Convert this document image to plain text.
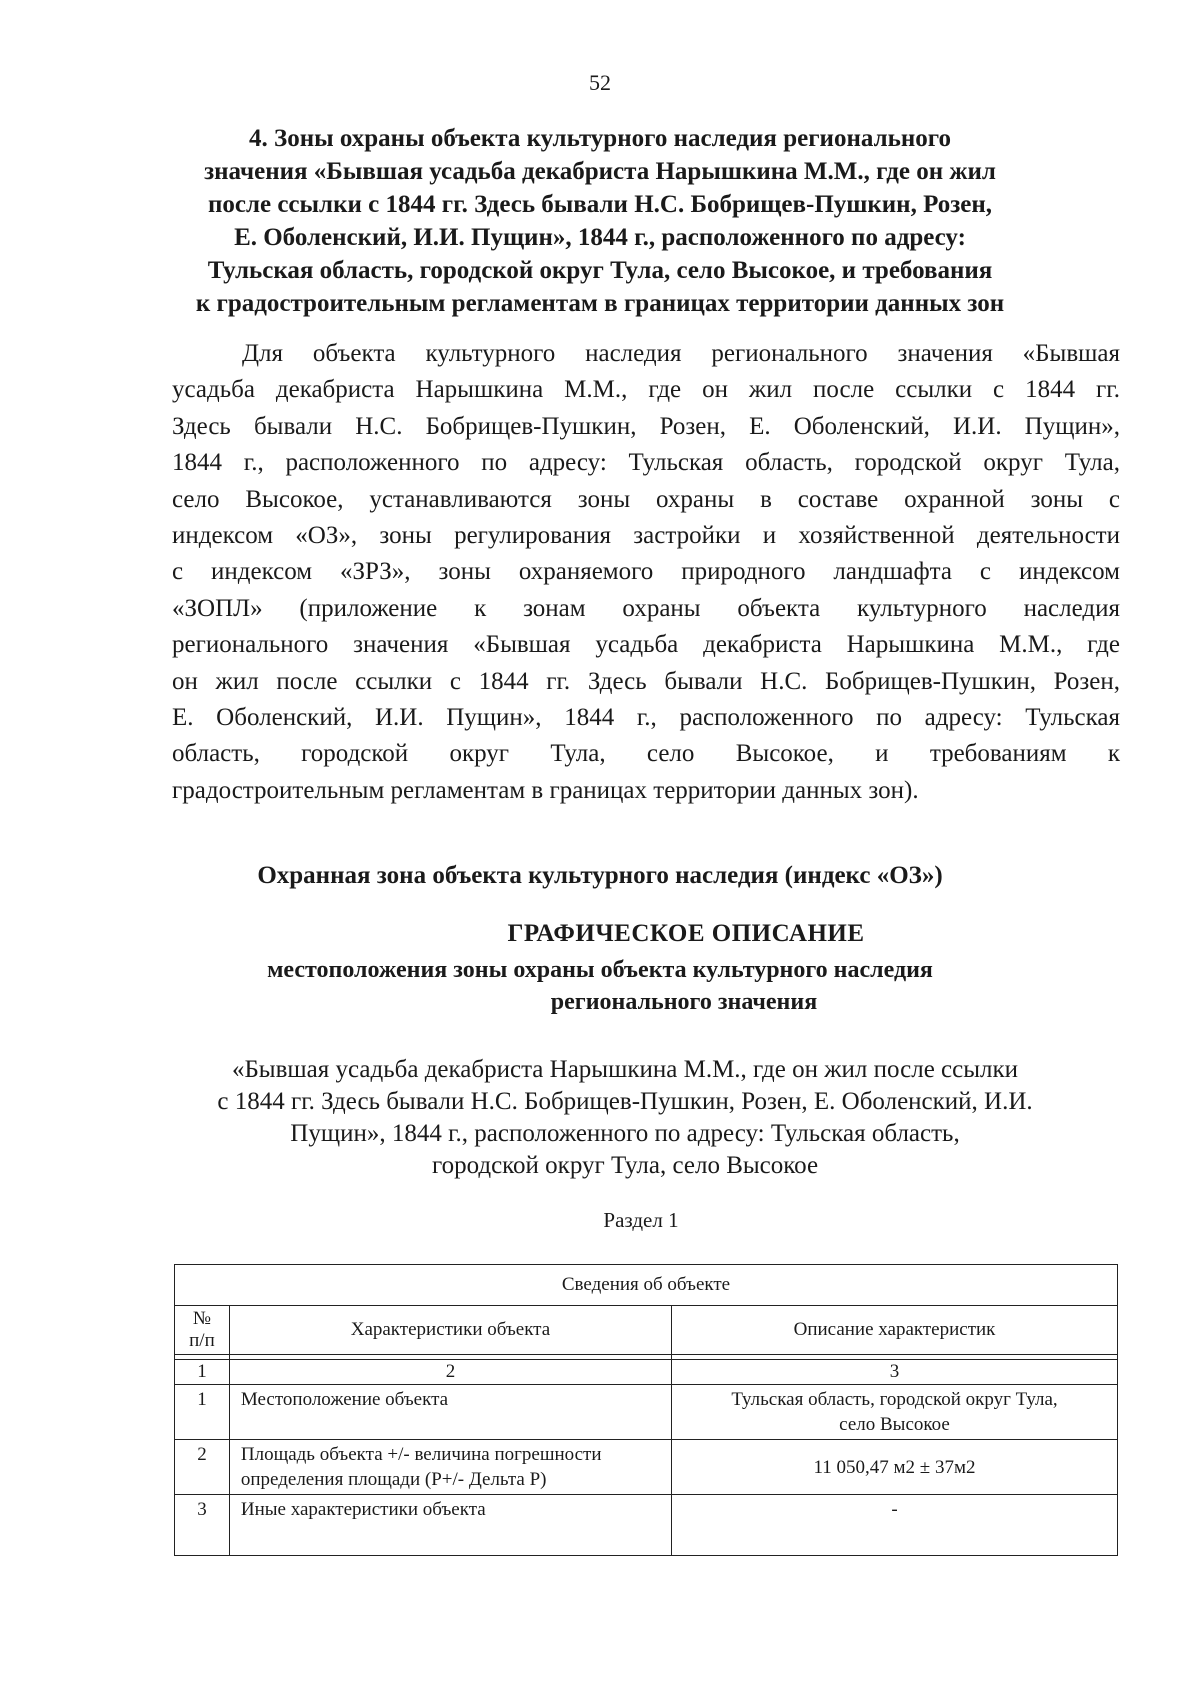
52
4. Зоны охраны объекта культурного наследия регионального
значения «Бывшая усадьба декабриста Нарышкина М.М., где он жил
после ссылки с 1844 гг. Здесь бывали Н.С. Бобрищев-Пушкин, Розен,
Е. Оболенский, И.И. Пущин», 1844 г., расположенного по адресу:
Тульская область, городской округ Тула, село Высокое, и требования
к градостроительным регламентам в границах территории данных зон
Для объекта культурного наследия регионального значения «Бывшая
усадьба декабриста Нарышкина М.М., где он жил после ссылки с 1844 гг.
Здесь бывали Н.С. Бобрищев-Пушкин, Розен, Е. Оболенский, И.И. Пущин»,
1844 г., расположенного по адресу: Тульская область, городской округ Тула,
село Высокое, устанавливаются зоны охраны в составе охранной зоны с
индексом «ОЗ», зоны регулирования застройки и хозяйственной деятельности
с индексом «ЗРЗ», зоны охраняемого природного ландшафта с индексом
«ЗОПЛ» (приложение к зонам охраны объекта культурного наследия
регионального значения «Бывшая усадьба декабриста Нарышкина М.М., где
он жил после ссылки с 1844 гг. Здесь бывали Н.С. Бобрищев-Пушкин, Розен,
Е. Оболенский, И.И. Пущин», 1844 г., расположенного по адресу: Тульская
область, городской округ Тула, село Высокое, и требованиям к
градостроительным регламентам в границах территории данных зон).
Охранная зона объекта культурного наследия (индекс «ОЗ»)
ГРАФИЧЕСКОЕ ОПИСАНИЕ
местоположения зоны охраны объекта культурного наследия
регионального значения
«Бывшая усадьба декабриста Нарышкина М.М., где он жил после ссылки
с 1844 гг. Здесь бывали Н.С. Бобрищев-Пушкин, Розен, Е. Оболенский, И.И.
Пущин», 1844 г., расположенного по адресу: Тульская область,
городской округ Тула, село Высокое
Раздел 1
Сведения об объекте		
№
п/п	Характеристики объекта	Описание характеристик

1	2	3
1	Местоположение объекта	Тульская область, городской округ Тула,
село Высокое
2	Площадь объекта +/- величина погрешности
определения площади (Р+/- Дельта Р)	11 050,47 м2 ± 37м2
3	Иные характеристики объекта	-
